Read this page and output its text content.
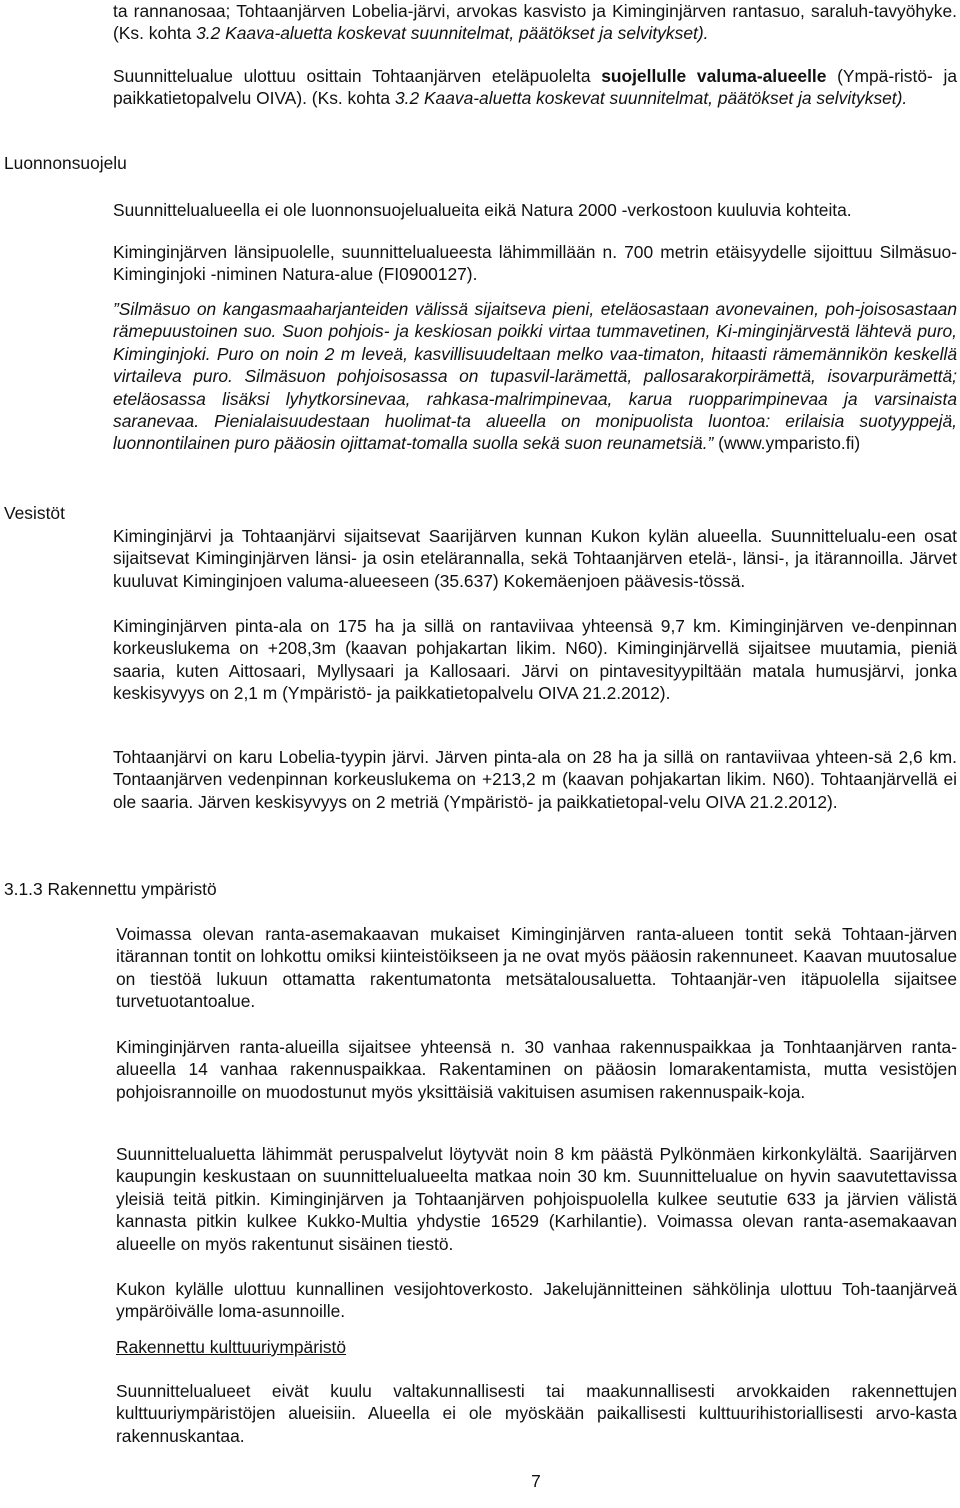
ta rannanosaa; Tohtaanjärven Lobelia-järvi, arvokas kasvisto ja Kiminginjärven rantasuo, saraluh-tavyöhyke. (Ks. kohta 3.2 Kaava-aluetta koskevat suunnitelmat, päätökset ja selvitykset).

Suunnittelualue ulottuu osittain Tohtaanjärven eteläpuolelta suojellulle valuma-alueelle (Ympä-ristö- ja paikkatietopalvelu OIVA). (Ks. kohta 3.2 Kaava-aluetta koskevat suunnitelmat, päätökset ja selvitykset).

Luonnonsuojelu

Suunnittelualueella ei ole luonnonsuojelualueita eikä Natura 2000 -verkostoon kuuluvia kohteita.

Kiminginjärven länsipuolelle, suunnittelualueesta lähimmillään n. 700 metrin etäisyydelle sijoittuu Silmäsuo-Kiminginjoki -niminen Natura-alue (FI0900127).

”Silmäsuo on kangasmaaharjanteiden välissä sijaitseva pieni, eteläosastaan avonevainen, poh-joisosastaan rämepuustoinen suo. Suon pohjois- ja keskiosan poikki virtaa tummavetinen, Ki-minginjärvestä lähtevä puro, Kiminginjoki. Puro on noin 2 m leveä, kasvillisuudeltaan melko vaa-timaton, hitaasti rämemännikön keskellä virtaileva puro. Silmäsuon pohjoisosassa on tupasvil-larämettä, pallosarakorpirämettä, isovarpurämettä; eteläosassa lisäksi lyhytkorsinevaa, rahkasa-malrimpinevaa, karua ruopparimpinevaa ja varsinaista saranevaa. Pienialaisuudestaan huolimat-ta alueella on monipuolista luontoa: erilaisia suotyyppejä, luonnontilainen puro pääosin ojittamat-tomalla suolla sekä suon reunametsiä.” (www.ymparisto.fi)

Vesistöt

Kiminginjärvi ja Tohtaanjärvi sijaitsevat Saarijärven kunnan Kukon kylän alueella. Suunnittelualu-een osat sijaitsevat Kiminginjärven länsi- ja osin etelärannalla, sekä Tohtaanjärven etelä-, länsi-, ja itärannoilla. Järvet kuuluvat Kiminginjoen valuma-alueeseen (35.637) Kokemäenjoen päävesis-tössä.

Kiminginjärven pinta-ala on 175 ha ja sillä on rantaviivaa yhteensä 9,7 km. Kiminginjärven ve-denpinnan korkeuslukema on +208,3m (kaavan pohjakartan likim. N60). Kiminginjärvellä sijaitsee muutamia, pieniä saaria, kuten Aittosaari, Myllysaari ja Kallosaari. Järvi on pintavesityypiltään matala humusjärvi, jonka keskisyvyys on 2,1 m (Ympäristö- ja paikkatietopalvelu OIVA 21.2.2012).

Tohtaanjärvi on karu Lobelia-tyypin järvi. Järven pinta-ala on 28 ha ja sillä on rantaviivaa yhteen-sä 2,6 km. Tontaanjärven vedenpinnan korkeuslukema on +213,2 m (kaavan pohjakartan likim. N60). Tohtaanjärvellä ei ole saaria. Järven keskisyvyys on 2 metriä (Ympäristö- ja paikkatietopal-velu OIVA 21.2.2012).

3.1.3 Rakennettu ympäristö

Voimassa olevan ranta-asemakaavan mukaiset Kiminginjärven ranta-alueen tontit sekä Tohtaan-järven itärannan tontit on lohkottu omiksi kiinteistöikseen ja ne ovat myös pääosin rakennuneet. Kaavan muutosalue on tiestöä lukuun ottamatta rakentumatonta metsätalousaluetta. Tohtaanjär-ven itäpuolella sijaitsee turvetuotantoalue.

Kiminginjärven ranta-alueilla sijaitsee yhteensä n. 30 vanhaa rakennuspaikkaa ja Tonhtaanjärven ranta-alueella 14 vanhaa rakennuspaikkaa. Rakentaminen on pääosin lomarakentamista, mutta vesistöjen pohjoisrannoille on muodostunut myös yksittäisiä vakituisen asumisen rakennuspaik-koja.

Suunnittelualuetta lähimmät peruspalvelut löytyvät noin 8 km päästä Pylkönmäen kirkonkylältä. Saarijärven kaupungin keskustaan on suunnittelualueelta matkaa noin 30 km. Suunnittelualue on hyvin saavutettavissa yleisiä teitä pitkin. Kiminginjärven ja Tohtaanjärven pohjoispuolella kulkee seututie 633 ja järvien välistä kannasta pitkin kulkee Kukko-Multia yhdystie 16529 (Karhilantie). Voimassa olevan ranta-asemakaavan alueelle on myös rakentunut sisäinen tiestö.

Kukon kylälle ulottuu kunnallinen vesijohtoverkosto. Jakelujännitteinen sähkölinja ulottuu Toh-taanjärveä ympäröivälle loma-asunnoille.

Rakennettu kulttuuriympäristö

Suunnittelualueet eivät kuulu valtakunnallisesti tai maakunnallisesti arvokkaiden rakennettujen kulttuuriympäristöjen alueisiin. Alueella ei ole myöskään paikallisesti kulttuurihistoriallisesti arvo-kasta rakennuskantaa.

7
